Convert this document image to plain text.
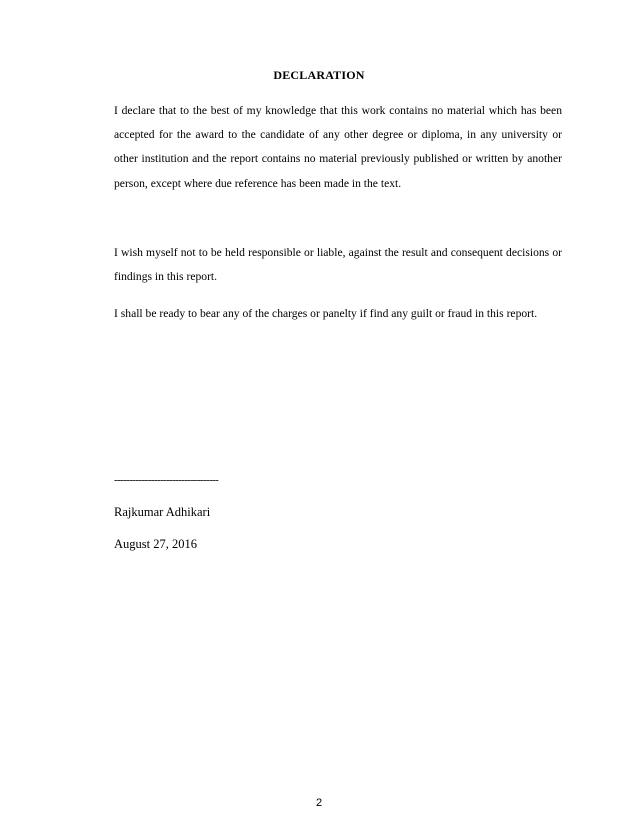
DECLARATION
I declare that to the best of my knowledge that this work contains no material which has been accepted for the award to the candidate of any other degree or diploma, in any university or other institution and the report contains no material previously published or written by another person, except where due reference has been made in the text.
I wish myself not to be held responsible or liable, against the result and consequent decisions or findings in this report.
I shall be ready to bear any of the charges or panelty if find any guilt or fraud in this report.
----------------------------------
Rajkumar Adhikari
August 27, 2016
2
